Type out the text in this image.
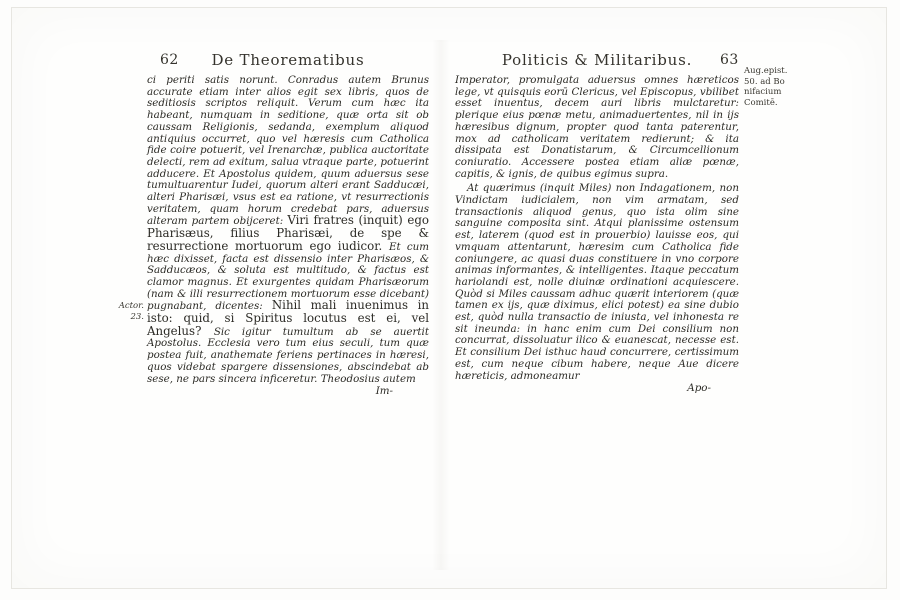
62	De Theorematibus	Politicis & Militaribus.	63
Actor. 23.
Aug.epist.
50. ad Bo
nifacium
Comitē.

ci periti satis norunt. Conradus autem Brunus accurate etiam inter alios egit sex libris, quos de seditiosis scriptos reliquit. Verum cum hæc ita habeant, numquam in seditione, quæ orta sit ob caussam Religionis, sedanda, exemplum aliquod antiquius occurret, quo vel hæresis cum Catholica fide coire potuerit, vel Irenarchæ, publica auctoritate delecti, rem ad exitum, salua vtraque parte, potuerint adducere. Et Apostolus quidem, quum aduersus sese tumultuarentur Iudei, quorum alteri erant Sadducæi, alteri Pharisæi, vsus est ea ratione, vt resurrectionis veritatem, quam horum credebat pars, aduersus alteram partem obijceret: Viri fratres (inquit) ego Pharisæus, filius Pharisæi, de spe & resurrectione mortuorum ego iudicor. Et cum hæc dixisset, facta est dissensio inter Pharisæos, & Sadducæos, & soluta est multitudo, & factus est clamor magnus. Et exurgentes quidam Pharisæorum (nam & illi resurrectionem mortuorum esse dicebant) pugnabant, dicentes: Nihil mali inuenimus in isto: quid, si Spiritus locutus est ei, vel Angelus? Sic igitur tumultum ab se auertit Apostolus. Ecclesia vero tum eius seculi, tum quæ postea fuit, anathemate feriens pertinaces in hæresi, quos videbat spargere dissensiones, abscindebat ab sese, ne pars sincera inficeretur. Theodosius autem

Im-

Imperator, promulgata aduersus omnes hæreticos lege, vt quisquis eorū Clericus, vel Episcopus, vbilibet esset inuentus, decem auri libris mulctaretur: plerique eius pœnæ metu, animaduertentes, nil in ijs hæresibus dignum, propter quod tanta paterentur, mox ad catholicam veritatem redierunt; & ita dissipata est Donatistarum, & Circumcellionum coniuratio. Accessere postea etiam aliæ pœnæ, capitis, & ignis, de quibus egimus supra.

At quærimus (inquit Miles) non Indagationem, non Vindictam iudicialem, non vim armatam, sed transactionis aliquod genus, quo ista olim sine sanguine composita sint. Atqui planissime ostensum est, laterem (quod est in prouerbio) lauisse eos, qui vmquam attentarunt, hæresim cum Catholica fide coniungere, ac quasi duas constituere in vno corpore animas informantes, & intelligentes. Itaque peccatum hariolandi est, nolle diuinæ ordinationi acquiescere. Quòd si Miles caussam adhuc quærit interiorem (quæ tamen ex ijs, quæ diximus, elici potest) ea sine dubio est, quòd nulla transactio de iniusta, vel inhonesta re sit ineunda: in hanc enim cum Dei consilium non concurrat, dissoluatur ilico & euanescat, necesse est. Et consilium Dei isthuc haud concurrere, certissimum est, cum neque cibum habere, neque Aue dicere hæreticis, admoneamur

Apo-
